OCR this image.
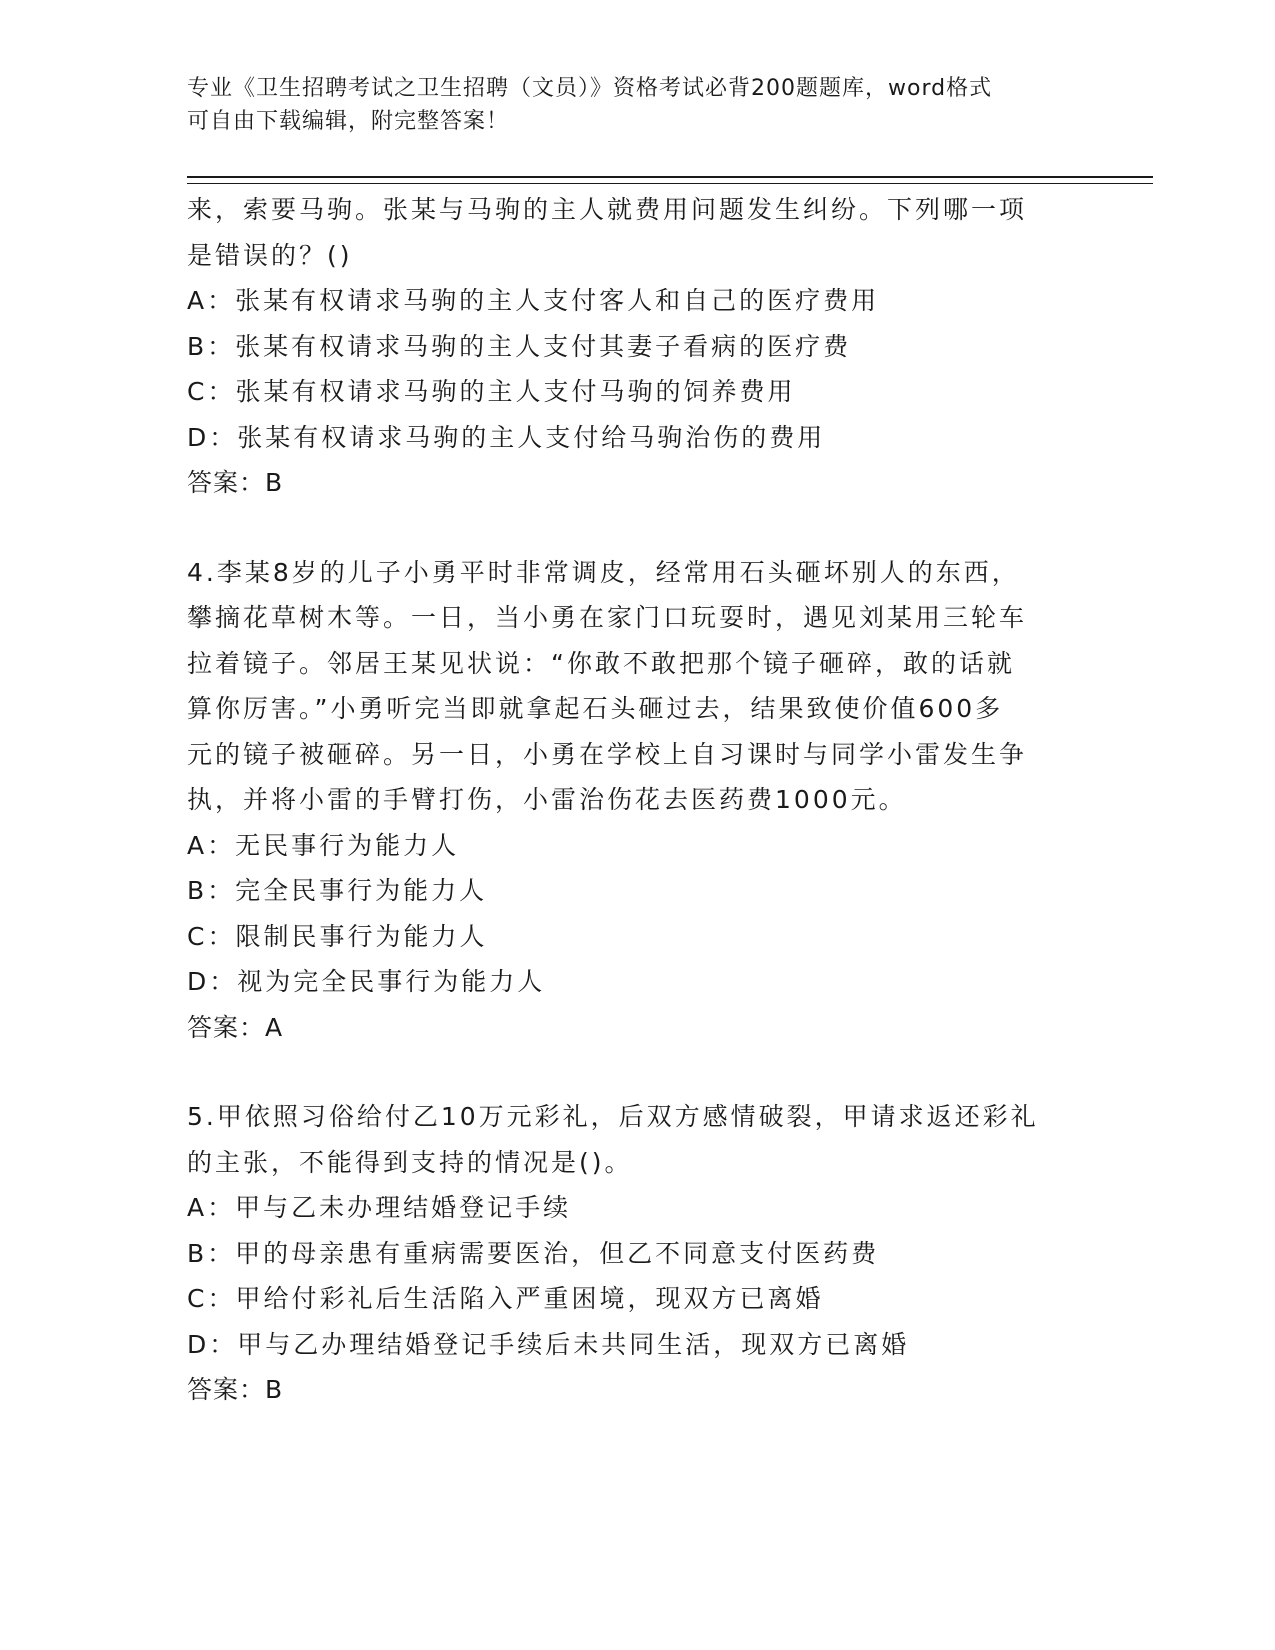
专业《卫生招聘考试之卫生招聘（文员）》资格考试必背200题题库，word格式
可自由下载编辑，附完整答案！
来，索要马驹。张某与马驹的主人就费用问题发生纠纷。下列哪一项
是错误的？()
A：张某有权请求马驹的主人支付客人和自己的医疗费用
B：张某有权请求马驹的主人支付其妻子看病的医疗费
C：张某有权请求马驹的主人支付马驹的饲养费用
D：张某有权请求马驹的主人支付给马驹治伤的费用
答案：B
4.李某8岁的儿子小勇平时非常调皮，经常用石头砸坏别人的东西，
攀摘花草树木等。一日，当小勇在家门口玩耍时，遇见刘某用三轮车
拉着镜子。邻居王某见状说：“你敢不敢把那个镜子砸碎，敢的话就
算你厉害。”小勇听完当即就拿起石头砸过去，结果致使价值600多
元的镜子被砸碎。另一日，小勇在学校上自习课时与同学小雷发生争
执，并将小雷的手臂打伤，小雷治伤花去医药费1000元。
A：无民事行为能力人
B：完全民事行为能力人
C：限制民事行为能力人
D：视为完全民事行为能力人
答案：A
5.甲依照习俗给付乙10万元彩礼，后双方感情破裂，甲请求返还彩礼
的主张，不能得到支持的情况是()。
A：甲与乙未办理结婚登记手续
B：甲的母亲患有重病需要医治，但乙不同意支付医药费
C：甲给付彩礼后生活陷入严重困境，现双方已离婚
D：甲与乙办理结婚登记手续后未共同生活，现双方已离婚
答案：B
